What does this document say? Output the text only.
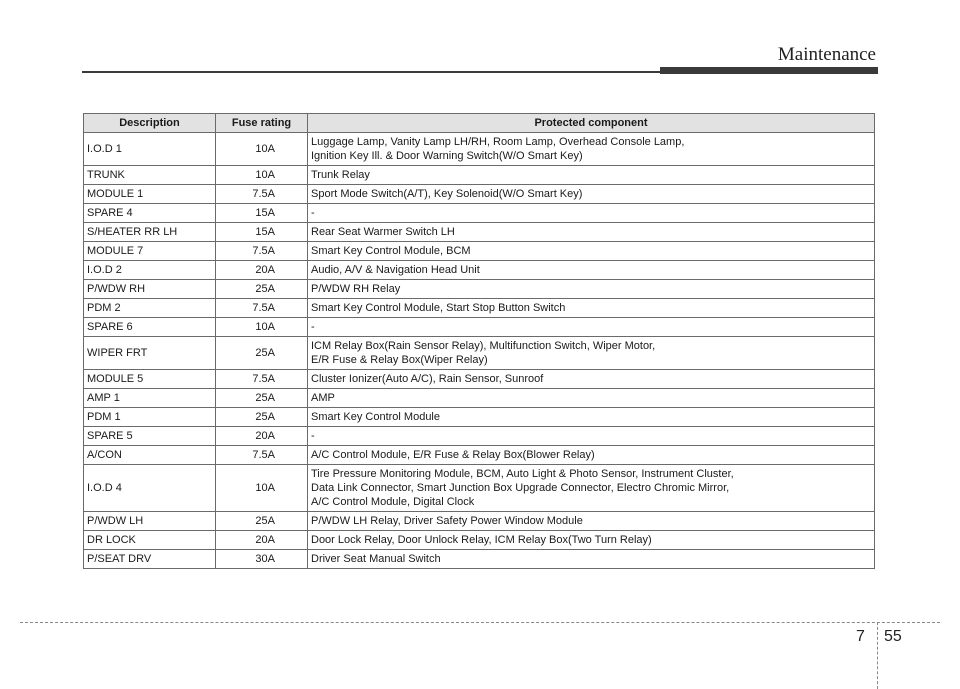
Maintenance
Description	Fuse rating	Protected component
I.O.D 1	10A	Luggage Lamp, Vanity Lamp LH/RH, Room Lamp, Overhead Console Lamp,
Ignition Key Ill. & Door Warning Switch(W/O Smart Key)
TRUNK	10A	Trunk Relay
MODULE 1	7.5A	Sport Mode Switch(A/T), Key Solenoid(W/O Smart Key)
SPARE 4	15A	-
S/HEATER RR LH	15A	Rear Seat Warmer Switch LH
MODULE 7	7.5A	Smart Key Control Module, BCM
I.O.D 2	20A	Audio, A/V & Navigation Head Unit
P/WDW RH	25A	P/WDW RH Relay
PDM 2	7.5A	Smart Key Control Module, Start Stop Button Switch
SPARE 6	10A	-
WIPER FRT	25A	ICM Relay Box(Rain Sensor Relay), Multifunction Switch, Wiper Motor,
E/R Fuse & Relay Box(Wiper Relay)
MODULE 5	7.5A	Cluster Ionizer(Auto A/C), Rain Sensor, Sunroof
AMP 1	25A	AMP
PDM 1	25A	Smart Key Control Module
SPARE 5	20A	-
A/CON	7.5A	A/C Control Module, E/R Fuse & Relay Box(Blower Relay)
I.O.D 4	10A	Tire Pressure Monitoring Module, BCM, Auto Light & Photo Sensor, Instrument Cluster,
Data Link Connector, Smart Junction Box Upgrade Connector, Electro Chromic Mirror,
A/C Control Module, Digital Clock
P/WDW LH	25A	P/WDW LH Relay, Driver Safety Power Window Module
DR LOCK	20A	Door Lock Relay, Door Unlock Relay, ICM Relay Box(Two Turn Relay)
P/SEAT DRV	30A	Driver Seat Manual Switch
7 55
